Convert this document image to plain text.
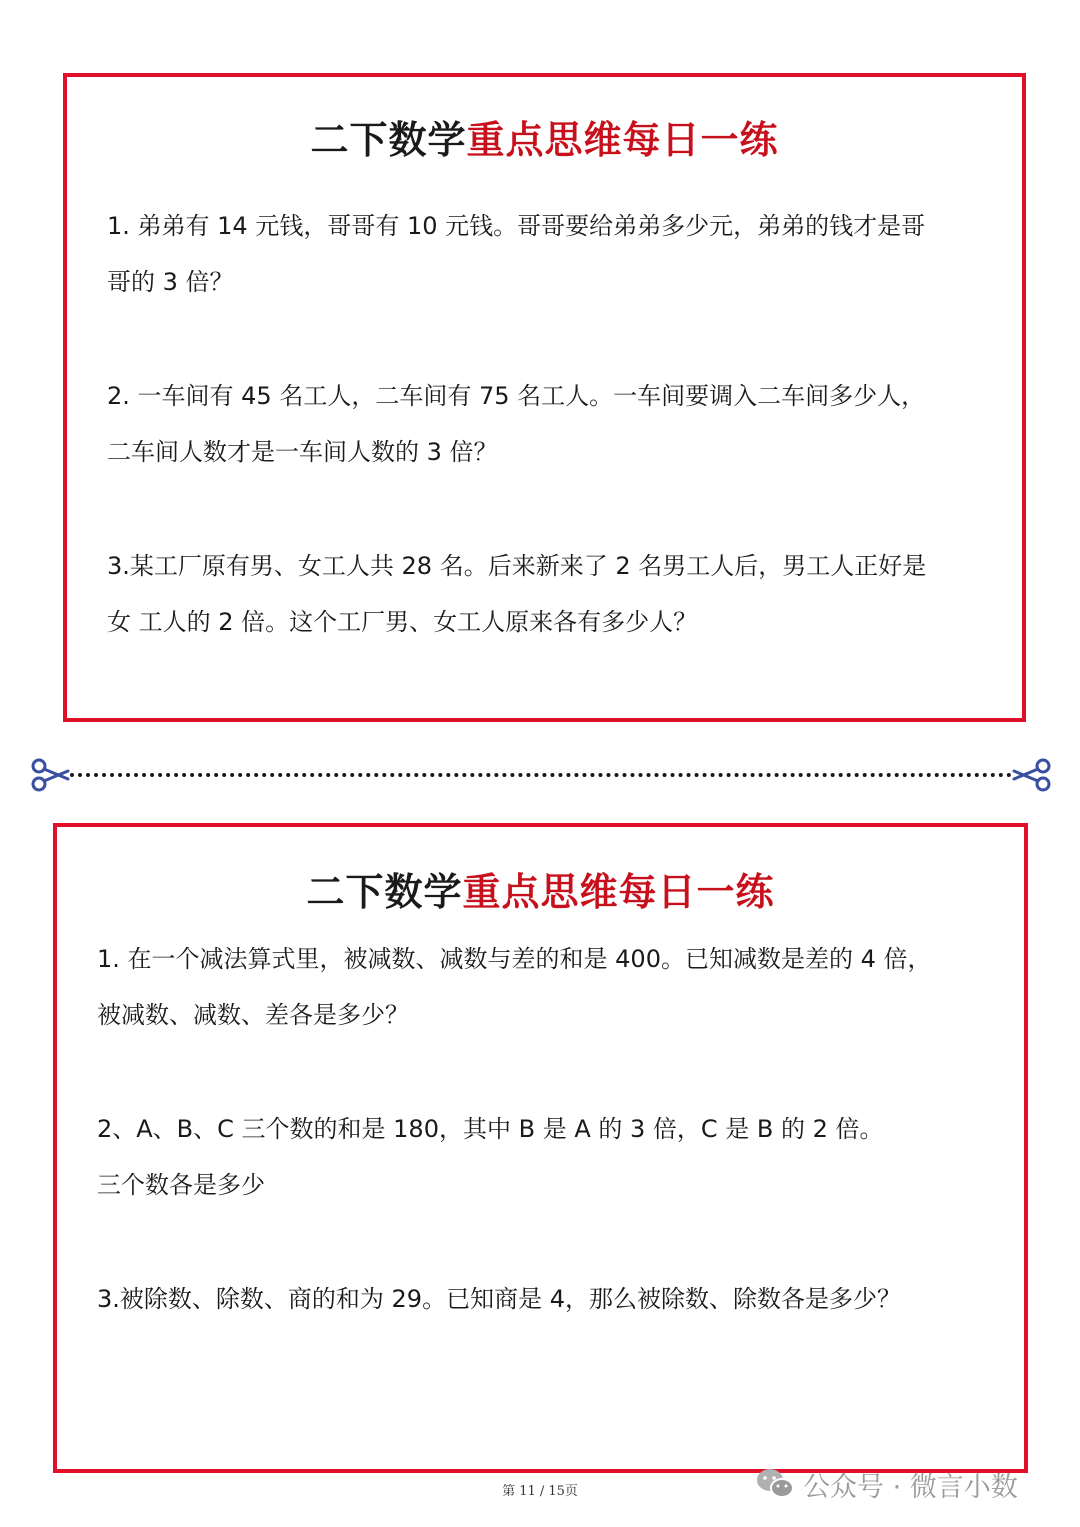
二下数学重点思维每日一练
1. 弟弟有 14 元钱，哥哥有 10 元钱。哥哥要给弟弟多少元，弟弟的钱才是哥
哥的 3 倍？
2. 一车间有 45 名工人，二车间有 75 名工人。一车间要调入二车间多少人，
二车间人数才是一车间人数的 3 倍？
3.某工厂原有男、女工人共 28 名。后来新来了 2 名男工人后，男工人正好是
女 工人的 2 倍。这个工厂男、女工人原来各有多少人？
二下数学重点思维每日一练
1. 在一个减法算式里，被减数、减数与差的和是 400。已知减数是差的 4 倍，
被减数、减数、差各是多少？
2、A、B、C 三个数的和是 180，其中 B 是 A 的 3 倍，C 是 B 的 2 倍。
三个数各是多少
3.被除数、除数、商的和为 29。已知商是 4，那么被除数、除数各是多少？
第 11 / 15页	公众号 · 微言小数
